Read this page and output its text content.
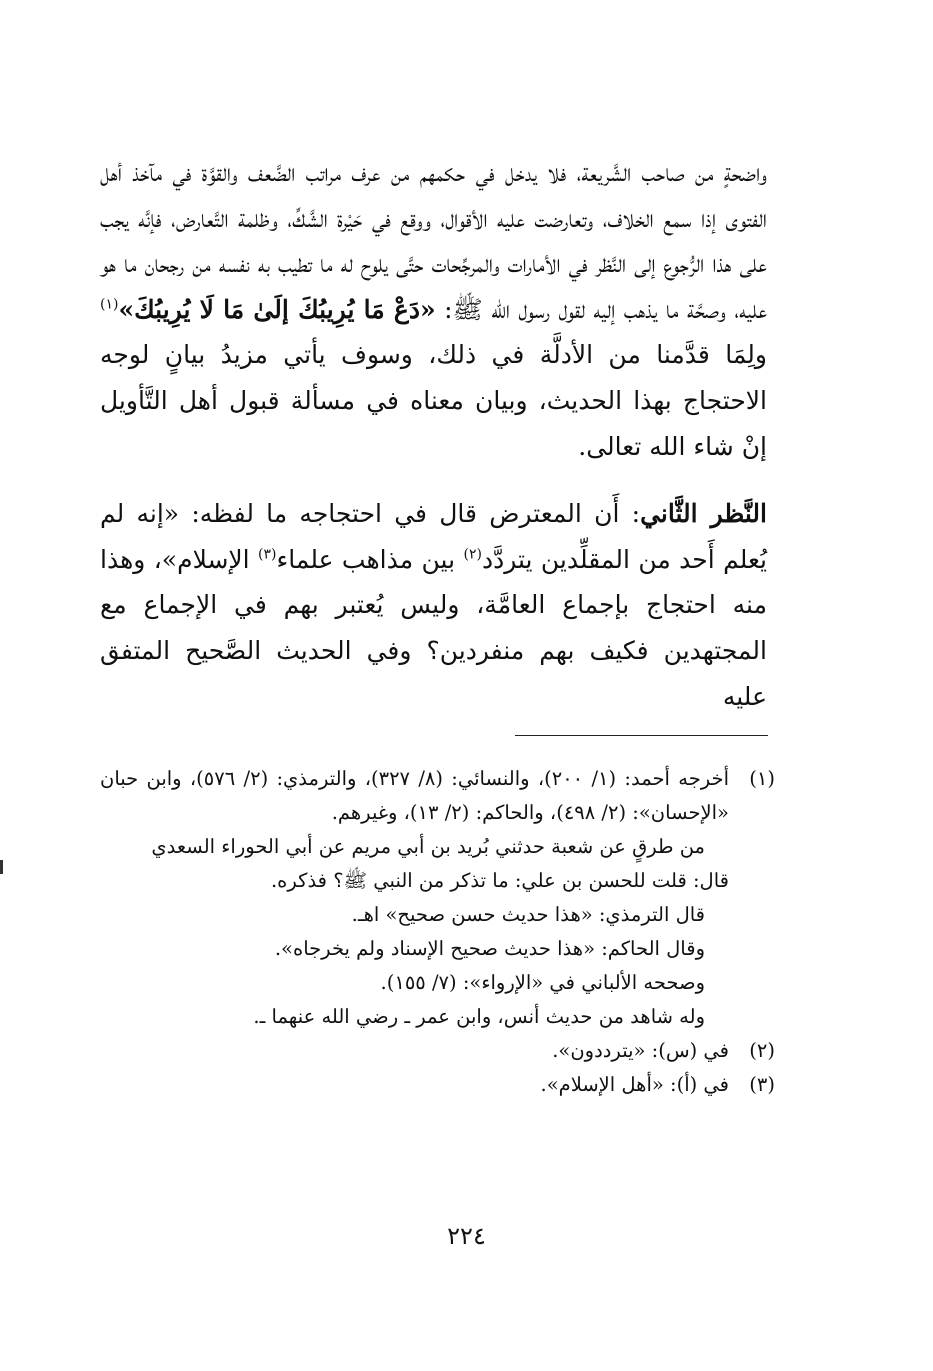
واضحةٍ من صاحب الشَّريعة، فلا يدخل في حكمهم من عرف مراتب الضَّعف والقوَّة في مآخذ أهل الفتوى إذا سمع الخلاف، وتعارضت عليه الأقوال، ووقع في حَيْرة الشَّكِّ، وظلمة التَّعارض، فإنَّه يجب على هذا الرُّجوع إلى النَّظر في الأمارات والمرجِّحات حتَّى يلوح له ما تطيب به نفسه من رجحان ما هو عليه، وصحَّة ما يذهب إليه لقول رسول الله ﷺ: «دَعْ مَا يُرِيبُكَ إلَىٰ مَا لَا يُرِيبُكَ»$^{(١)}$ ولِمَا قدَّمنا من الأدلَّة في ذلك، وسوف يأتي مزيدُ بيانٍ لوجه الاحتجاج بهذا الحديث، وبيان معناه في مسألة قبول أهل التَّأويل إنْ شاء الله تعالى.

النَّظر الثَّاني: أَن المعترض قال في احتجاجه ما لفظه: «إنه لم يُعلم أَحد من المقلِّدين يتردَّد$^{(٢)}$ بين مذاهب علماء$^{(٣)}$ الإسلام»، وهذا منه احتجاج بإجماع العامَّة، وليس يُعتبر بهم في الإجماع مع المجتهدين فكيف بهم منفردين؟ وفي الحديث الصَّحيح المتفق عليه

(١)
أخرجه أحمد: (١/ ٢٠٠)، والنسائي: (٨/ ٣٢٧)، والترمذي: (٢/ ٥٧٦)، وابن حبان «الإحسان»: (٢/ ٤٩٨)، والحاكم: (٢/ ١٣)، وغيرهم.
من طرقٍ عن شعبة حدثني بُريد بن أبي مريم عن أبي الحوراء السعدي
قال: قلت للحسن بن علي: ما تذكر من النبي ﷺ؟ فذكره.
قال الترمذي: «هذا حديث حسن صحيح» اهـ.
وقال الحاكم: «هذا حديث صحيح الإسناد ولم يخرجاه».
وصححه الألباني في «الإرواء»: (٧/ ١٥٥).
وله شاهد من حديث أنس، وابن عمر ـ رضي الله عنهما ـ.
(٢)
في (س): «يترددون».
(٣)
في (أ): «أهل الإسلام».
٢٢٤
